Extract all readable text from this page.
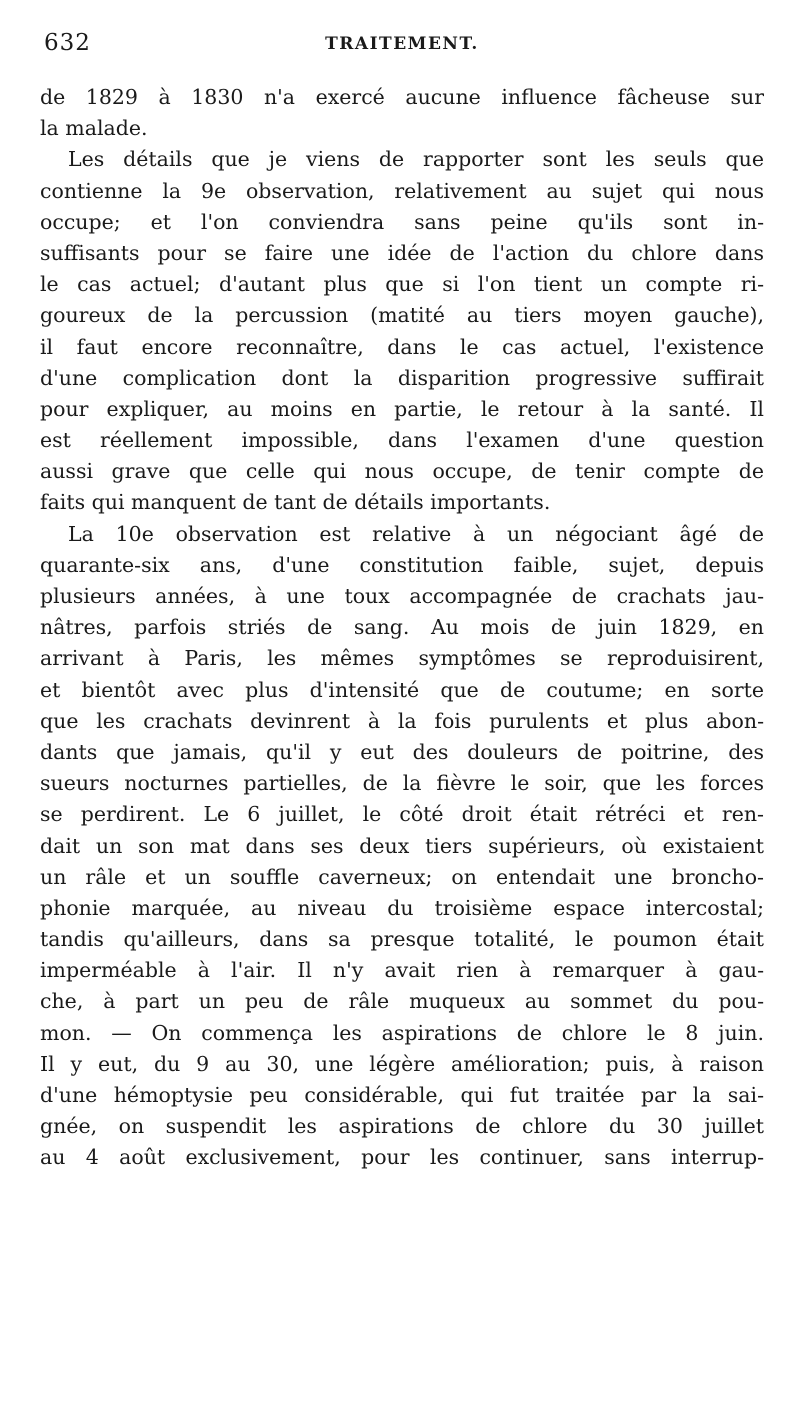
632	TRAITEMENT.
de 1829 à 1830 n'a exercé aucune influence fâcheuse sur
la malade.
Les détails que je viens de rapporter sont les seuls que
contienne la 9e observation, relativement au sujet qui nous
occupe; et l'on conviendra sans peine qu'ils sont in-
suffisants pour se faire une idée de l'action du chlore dans
le cas actuel; d'autant plus que si l'on tient un compte ri-
goureux de la percussion (matité au tiers moyen gauche),
il faut encore reconnaître, dans le cas actuel, l'existence
d'une complication dont la disparition progressive suffirait
pour expliquer, au moins en partie, le retour à la santé. Il
est réellement impossible, dans l'examen d'une question
aussi grave que celle qui nous occupe, de tenir compte de
faits qui manquent de tant de détails importants.
La 10e observation est relative à un négociant âgé de
quarante-six ans, d'une constitution faible, sujet, depuis
plusieurs années, à une toux accompagnée de crachats jau-
nâtres, parfois striés de sang. Au mois de juin 1829, en
arrivant à Paris, les mêmes symptômes se reproduisirent,
et bientôt avec plus d'intensité que de coutume; en sorte
que les crachats devinrent à la fois purulents et plus abon-
dants que jamais, qu'il y eut des douleurs de poitrine, des
sueurs nocturnes partielles, de la fièvre le soir, que les forces
se perdirent. Le 6 juillet, le côté droit était rétréci et ren-
dait un son mat dans ses deux tiers supérieurs, où existaient
un râle et un souffle caverneux; on entendait une broncho-
phonie marquée, au niveau du troisième espace intercostal;
tandis qu'ailleurs, dans sa presque totalité, le poumon était
imperméable à l'air. Il n'y avait rien à remarquer à gau-
che, à part un peu de râle muqueux au sommet du pou-
mon. — On commença les aspirations de chlore le 8 juin.
Il y eut, du 9 au 30, une légère amélioration; puis, à raison
d'une hémoptysie peu considérable, qui fut traitée par la sai-
gnée, on suspendit les aspirations de chlore du 30 juillet
au 4 août exclusivement, pour les continuer, sans interrup-
